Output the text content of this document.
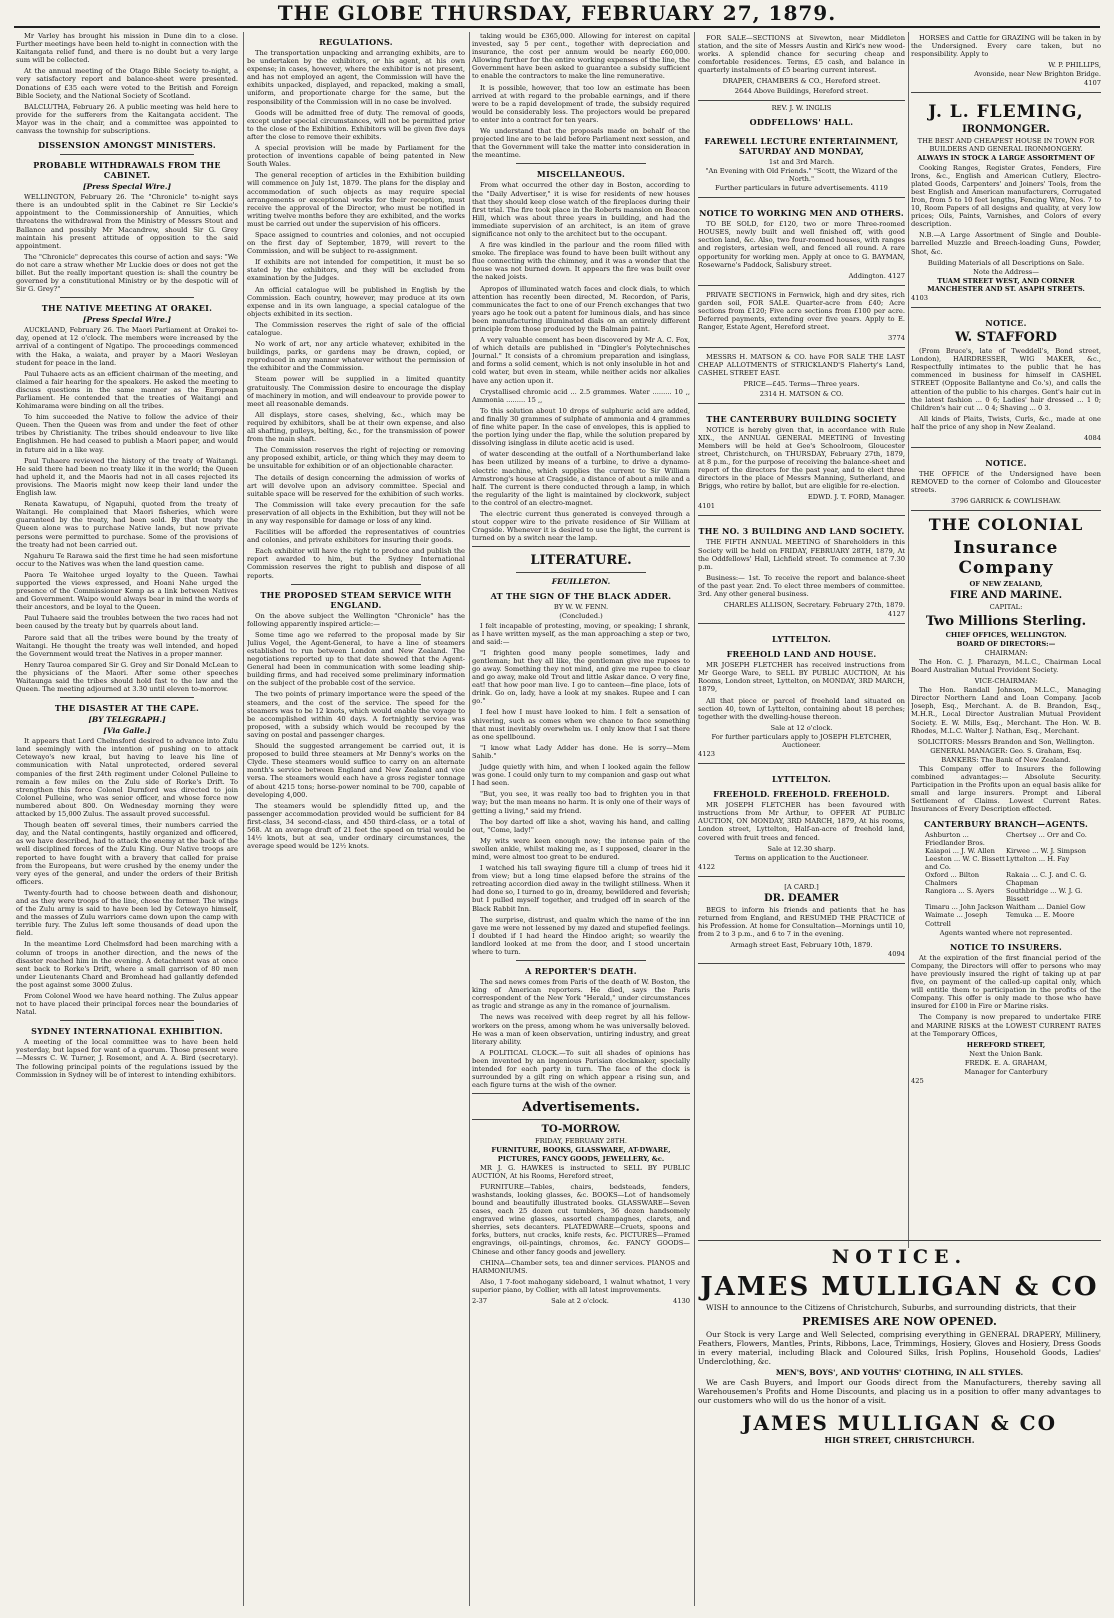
THE GLOBE THURSDAY, FEBRUARY 27, 1879.

Mr Varley has brought his mission in Dune din to a close. Further meetings have been held to-night in connection with the Kaitangata relief fund, and there is no doubt but a very large sum will be collected.

At the annual meeting of the Otago Bible Society to-night, a very satisfactory report and balance-sheet were presented. Donations of £35 each were voted to the British and Foreign Bible Society, and the National Society of Scotland.

BALCLUTHA, February 26. A public meeting was held here to provide for the sufferers from the Kaitangata accident. The Mayor was in the chair, and a committee was appointed to canvass the township for subscriptions.

DISSENSION AMONGST MINISTERS.
PROBABLE WITHDRAWALS FROM THE CABINET.
[Press Special Wire.]

WELLINGTON, February 26. The "Chronicle" to-night says there is an undoubted split in the Cabinet re Sir Leckie's appointment to the Commissionership of Annuities, which threatens the withdrawal from the Ministry of Messrs Stout and Ballance and possibly Mr Macandrew, should Sir G. Grey maintain his present attitude of opposition to the said appointment.

The "Chronicle" deprecates this course of action and says: "We do not care a straw whether Mr Luckie does or does not get the billet. But the really important question is: shall the country be governed by a constitutional Ministry or by the despotic will of Sir G. Grey?"

THE NATIVE MEETING AT ORAKEI.
[Press Special Wire.]

AUCKLAND, February 26. The Maori Parliament at Orakei to-day, opened at 12 o'clock. The members were increased by the arrival of a contingent of Ngatipo. The proceedings commenced with the Haka, a waiata, and prayer by a Maori Wesleyan student for peace in the land.

Paul Tuhaere acts as an efficient chairman of the meeting, and claimed a fair hearing for the speakers. He asked the meeting to discuss questions in the same manner as the European Parliament. He contended that the treaties of Waitangi and Kohimarama were binding on all the tribes.

To him succeeded the Native to follow the advice of their Queen. Then the Queen was from and under the feet of other tribes by Christianity. The tribes should endeavour to live like Englishmen. He had ceased to publish a Maori paper, and would in future aid in a like way.

Paul Tuhaere reviewed the history of the treaty of Waitangi. He said there had been no treaty like it in the world; the Queen had upheld it, and the Maoris had not in all cases rejected its provisions. The Maoris might now keep their land under the English law.

Renata Kawatupu, of Ngapuhi, quoted from the treaty of Waitangi. He complained that Maori fisheries, which were guaranteed by the treaty, had been sold. By that treaty the Queen alone was to purchase Native lands, but now private persons were permitted to purchase. Some of the provisions of the treaty had not been carried out.

Ngahuru Te Rarawa said the first time he had seen misfortune occur to the Natives was when the land question came.

Paora Te Waitohee urged loyalty to the Queen. Tawhai supported the views expressed, and Hoani Nahe urged the presence of the Commissioner Kemp as a link between Natives and Government. Waipo would always bear in mind the words of their ancestors, and be loyal to the Queen.

Paul Tuhaere said the troubles between the two races had not been caused by the treaty but by quarrels about land.

Parore said that all the tribes were bound by the treaty of Waitangi. He thought the treaty was well intended, and hoped the Government would treat the Natives in a proper manner.

Henry Tauroa compared Sir G. Grey and Sir Donald McLean to the physicians of the Maori. After some other speeches Waitaunga said the tribes should hold fast to the law and the Queen. The meeting adjourned at 3.30 until eleven to-morrow.

THE DISASTER AT THE CAPE.
[BY TELEGRAPH.]
[Via Galle.]

It appears that Lord Chelmsford desired to advance into Zulu land seemingly with the intention of pushing on to attack Cetewayo's new kraal, but having to leave his line of communication with Natal unprotected, ordered several companies of the first 24th regiment under Colonel Pulleine to remain a few miles on the Zulu side of Rorke's Drift. To strengthen this force Colonel Durnford was directed to join Colonel Pulleine, who was senior officer, and whose force now numbered about 800. On Wednesday morning they were attacked by 15,000 Zulus. The assault proved successful.

Though beaten off several times, their numbers carried the day, and the Natal contingents, hastily organized and officered, as we have described, had to attack the enemy at the back of the well disciplined forces of the Zulu King. Our Native troops are reported to have fought with a bravery that called for praise from the Europeans, but were crushed by the enemy under the very eyes of the general, and under the orders of their British officers.

Twenty-fourth had to choose between death and dishonour, and as they were troops of the line, chose the former. The wings of the Zulu army is said to have been led by Cetewayo himself, and the masses of Zulu warriors came down upon the camp with terrible fury. The Zulus left some thousands of dead upon the field.

In the meantime Lord Chelmsford had been marching with a column of troops in another direction, and the news of the disaster reached him in the evening. A detachment was at once sent back to Rorke's Drift, where a small garrison of 80 men under Lieutenants Chard and Bromhead had gallantly defended the post against some 3000 Zulus.

From Colonel Wood we have heard nothing. The Zulus appear not to have placed their principal forces near the boundaries of Natal.

SYDNEY INTERNATIONAL EXHIBITION.

A meeting of the local committee was to have been held yesterday, but lapsed for want of a quorum. Those present were—Messrs C. W. Turner, J. Rosemont, and A. A. Bird (secretary). The following principal points of the regulations issued by the Commission in Sydney will be of interest to intending exhibitors.

REGULATIONS.

The transportation unpacking and arranging exhibits, are to be undertaken by the exhibitors, or his agent, at his own expense; in cases, however, where the exhibitor is not present, and has not employed an agent, the Commission will have the exhibits unpacked, displayed, and repacked, making a small, uniform, and proportionate charge for the same, but the responsibility of the Commission will in no case be involved.

Goods will be admitted free of duty. The removal of goods, except under special circumstances, will not be permitted prior to the close of the Exhibition. Exhibitors will be given five days after the close to remove their exhibits.

A special provision will be made by Parliament for the protection of inventions capable of being patented in New South Wales.

The general reception of articles in the Exhibition building will commence on July 1st, 1879. The plans for the display and accommodation of such objects as may require special arrangements or exceptional works for their reception, must receive the approval of the Director, who must be notified in writing twelve months before they are exhibited, and the works must be carried out under the supervision of his officers.

Space assigned to countries and colonies, and not occupied on the first day of September, 1879, will revert to the Commission, and will be subject to re-assignment.

If exhibits are not intended for competition, it must be so stated by the exhibitors, and they will be excluded from examination by the Judges.

An official catalogue will be published in English by the Commission. Each country, however, may produce at its own expense and in its own language, a special catalogue of the objects exhibited in its section.

The Commission reserves the right of sale of the official catalogue.

No work of art, nor any article whatever, exhibited in the buildings, parks, or gardens may be drawn, copied, or reproduced in any manner whatever without the permission of the exhibitor and the Commission.

Steam power will be supplied in a limited quantity gratuitously. The Commission desire to encourage the display of machinery in motion, and will endeavour to provide power to meet all reasonable demands.

All displays, store cases, shelving, &c., which may be required by exhibitors, shall be at their own expense, and also all shafting, pulleys, belting, &c., for the transmission of power from the main shaft.

The Commission reserves the right of rejecting or removing any proposed exhibit, article, or thing which they may deem to be unsuitable for exhibition or of an objectionable character.

The details of design concerning the admission of works of art will devolve upon an advisory committee. Special and suitable space will be reserved for the exhibition of such works.

The Commission will take every precaution for the safe preservation of all objects in the Exhibition, but they will not be in any way responsible for damage or loss of any kind.

Facilities will be afforded the representatives of countries and colonies, and private exhibitors for insuring their goods.

Each exhibitor will have the right to produce and publish the report awarded to him, but the Sydney International Commission reserves the right to publish and dispose of all reports.

THE PROPOSED STEAM SERVICE WITH ENGLAND.

On the above subject the Wellington "Chronicle" has the following apparently inspired article:—

Some time ago we referred to the proposal made by Sir Julius Vogel, the Agent-General, to have a line of steamers established to run between London and New Zealand. The negotiations reported up to that date showed that the Agent-General had been in communication with some leading ship-building firms, and had received some preliminary information on the subject of the probable cost of the service.

The two points of primary importance were the speed of the steamers, and the cost of the service. The speed for the steamers was to be 12 knots, which would enable the voyage to be accomplished within 40 days. A fortnightly service was proposed, with a subsidy which would be recouped by the saving on postal and passenger charges.

Should the suggested arrangement be carried out, it is proposed to build three steamers at Mr Denny's works on the Clyde. These steamers would suffice to carry on an alternate month's service between England and New Zealand and vice versa. The steamers would each have a gross register tonnage of about 4215 tons; horse-power nominal to be 700, capable of developing 4,000.

The steamers would be splendidly fitted up, and the passenger accommodation provided would be sufficient for 84 first-class, 34 second-class, and 450 third-class, or a total of 568. At an average draft of 21 feet the speed on trial would be 14½ knots, but at sea, under ordinary circumstances, the average speed would be 12½ knots.

taking would be £365,000. Allowing for interest on capital invested, say 5 per cent., together with depreciation and insurance, the cost per annum would be nearly £60,000. Allowing further for the entire working expenses of the line, the Government have been asked to guarantee a subsidy sufficient to enable the contractors to make the line remunerative.

It is possible, however, that too low an estimate has been arrived at with regard to the probable earnings, and if there were to be a rapid development of trade, the subsidy required would be considerably less. The projectors would be prepared to enter into a contract for ten years.

We understand that the proposals made on behalf of the projected line are to be laid before Parliament next session, and that the Government will take the matter into consideration in the meantime.

MISCELLANEOUS.

From what occurred the other day in Boston, according to the "Daily Advertiser," it is wise for residents of new houses that they should keep close watch of the fireplaces during their first trial. The fire took place in the Roberts mansion on Beacon Hill, which was about three years in building, and had the immediate supervision of an architect, is an item of grave significance not only to the architect but to the occupant.

A fire was kindled in the parlour and the room filled with smoke. The fireplace was found to have been built without any flue connecting with the chimney, and it was a wonder that the house was not burned down. It appears the fire was built over the naked joists.

Apropos of illuminated watch faces and clock dials, to which attention has recently been directed, M. Recordon, of Paris, communicates the fact to one of our French exchanges that two years ago he took out a patent for luminous dials, and has since been manufacturing illuminated dials on an entirely different principle from those produced by the Balmain paint.

A very valuable cement has been discovered by Mr A. C. Fox, of which details are published in "Dingler's Polytechnisches Journal." It consists of a chromium preparation and isinglass, and forms a solid cement, which is not only insoluble in hot and cold water, but even in steam, while neither acids nor alkalies have any action upon it.

Crystallised chromic acid ... 2.5 grammes. Water ......... 10 ,, Ammonia ......... 15 ,,

To this solution about 10 drops of sulphuric acid are added, and finally 30 grammes of sulphate of ammonia and 4 grammes of fine white paper. In the case of envelopes, this is applied to the portion lying under the flap, while the solution prepared by dissolving isinglass in dilute acetic acid is used.

of water descending at the outfall of a Northumberland lake has been utilized by means of a turbine, to drive a dynamo-electric machine, which supplies the current to Sir William Armstrong's house at Cragside, a distance of about a mile and a half. The current is there conducted through a lamp, in which the regularity of the light is maintained by clockwork, subject to the control of an electro-magnet.

The electric current thus generated is conveyed through a stout copper wire to the private residence of Sir William at Cragside. Whenever it is desired to use the light, the current is turned on by a switch near the lamp.

LITERATURE.
FEUILLETON.
AT THE SIGN OF THE BLACK ADDER.
BY W. W. FENN.
(Concluded.)

I felt incapable of protesting, moving, or speaking; I shrank, as I have written myself, as the man approaching a step or two, and said:—

"I frighten good many people sometimes, lady and gentleman; but they all like, the gentleman give me rupees to go away. Something they not mind, and give me rupee to clear and go away, make old Trout and little Askar dance. O very fine, eat! that how poor man live. I go to canteen—fine place, lots of drink. Go on, lady, have a look at my snakes. Rupee and I can go."

I feel how I must have looked to him. I felt a sensation of shivering, such as comes when we chance to face something that must inevitably overwhelm us. I only know that I sat there as one spellbound.

"I know what Lady Adder has done. He is sorry—Mem Sahib."

Judge quietly with him, and when I looked again the fellow was gone. I could only turn to my companion and gasp out what I had seen.

"But, you see, it was really too bad to frighten you in that way; but the man means no harm. It is only one of their ways of getting a living," said my friend.

The boy darted off like a shot, waving his hand, and calling out, "Come, lady!"

My wits were keen enough now; the intense pain of the swollen ankle, whilst making me, as I supposed, clearer in the mind, were almost too great to be endured.

I watched his tall swaying figure till a clump of trees hid it from view; but a long time elapsed before the strains of the retreating accordion died away in the twilight stillness. When it had done so, I turned to go in, dreamy, bewildered and feverish; but I pulled myself together, and trudged off in search of the Black Rabbit Inn.

The surprise, distrust, and qualm which the name of the inn gave me were not lessened by my dazed and stupefied feelings. I doubted if I had heard the Hindoo aright; so wearily the landlord looked at me from the door, and I stood uncertain where to turn.

A REPORTER'S DEATH.

The sad news comes from Paris of the death of W. Boston, the king of American reporters. He died, says the Paris correspondent of the New York "Herald," under circumstances as tragic and strange as any in the romance of journalism.

The news was received with deep regret by all his fellow-workers on the press, among whom he was universally beloved. He was a man of keen observation, untiring industry, and great literary ability.

A POLITICAL CLOCK.—To suit all shades of opinions has been invented by an ingenious Parisian clockmaker, specially intended for each party in turn. The face of the clock is surrounded by a gilt ring on which appear a rising sun, and each figure turns at the wish of the owner.

Advertisements.
TO-MORROW.
FRIDAY, FEBRUARY 28TH.
FURNITURE, BOOKS, GLASSWARE, AT-DWARE, PICTURES, FANCY GOODS, JEWELLERY, &c.

MR J. G. HAWKES is instructed to SELL BY PUBLIC AUCTION, At his Rooms, Hereford street,

FURNITURE—Tables, chairs, bedsteads, fenders, washstands, looking glasses, &c. BOOKS—Lot of handsomely bound and beautifully illustrated books. GLASSWARE—Seven cases, each 25 dozen cut tumblers, 36 dozen handsomely engraved wine glasses, assorted champagnes, clarets, and sherries, sets decanters. PLATEDWARE—Cruets, spoons and forks, butters, nut cracks, knife rests, &c. PICTURES—Framed engravings, oil-paintings, chromos, &c. FANCY GOODS—Chinese and other fancy goods and jewellery.

CHINA—Chamber sets, tea and dinner services. PIANOS and HARMONIUMS.

Also, 1 7-foot mahogany sideboard, 1 walnut whatnot, 1 very superior piano, by Collier, with all latest improvements.

2-37	Sale at 2 o'clock.	4130

FOR SALE—SECTIONS at Sivewton, near Middleton station, and the site of Messrs Austin and Kirk's new wood-works. A splendid chance for securing cheap and comfortable residences. Terms, £5 cash, and balance in quarterly instalments of £5 bearing current interest.

DRAPER, CHAMBERS & CO., Hereford street.
2644 Above Buildings, Hereford street.
REV. J. W. INGLIS
ODDFELLOWS' HALL.
FAREWELL LECTURE ENTERTAINMENT, SATURDAY AND MONDAY,
1st and 3rd March.
"An Evening with Old Friends." "Scott, the Wizard of the North."
Further particulars in future advertisements. 4119
NOTICE TO WORKING MEN AND OTHERS.

TO BE SOLD, for £120, two or more Three-roomed HOUSES, newly built and well finished off, with good section land, &c. Also, two four-roomed houses, with ranges and registers, artesian well, and fenced all round. A rare opportunity for working men. Apply at once to G. BAYMAN, Rosewarne's Paddock, Salisbury street.

Addington. 4127

PRIVATE SECTIONS in Fernwick, high and dry sites, rich garden soil, FOR SALE. Quarter-acre from £40; Acre sections from £120; Five acre sections from £100 per acre. Deferred payments, extending over five years. Apply to E. Ranger, Estate Agent, Hereford street.

3774

MESSRS H. MATSON & CO. have FOR SALE THE LAST CHEAP ALLOTMENTS of STRICKLAND'S Flaherty's Land, CASHEL STREET EAST.

PRICE—£45. Terms—Three years.
2314 H. MATSON & CO.
THE CANTERBURY BUILDING SOCIETY

NOTICE is hereby given that, in accordance with Rule XIX., the ANNUAL GENERAL MEETING of Investing Members will be held at Gee's Schoolroom, Gloucester street, Christchurch, on THURSDAY, February 27th, 1879, at 8 p.m., for the purpose of receiving the balance-sheet and report of the directors for the past year, and to elect three directors in the place of Messrs Manning, Sutherland, and Briggs, who retire by ballot, but are eligible for re-election.

EDWD. J. T. FORD, Manager.
4101
THE NO. 3 BUILDING AND LAND SOCIETY.

THE FIFTH ANNUAL MEETING of Shareholders in this Society will be held on FRIDAY, FEBRUARY 28TH, 1879, At the Oddfellows' Hall, Lichfield street. To commence at 7.30 p.m.

Business:— 1st. To receive the report and balance-sheet of the past year. 2nd. To elect three members of committee. 3rd. Any other general business.

CHARLES ALLISON, Secretary. February 27th, 1879.
4127
LYTTELTON.
FREEHOLD LAND AND HOUSE.

MR JOSEPH FLETCHER has received instructions from Mr George Ware, to SELL BY PUBLIC AUCTION, At his Rooms, London street, Lyttelton, on MONDAY, 3RD MARCH, 1879,

All that piece or parcel of freehold land situated on section 40, town of Lyttelton, containing about 18 perches; together with the dwelling-house thereon.

Sale at 12 o'clock.
For further particulars apply to JOSEPH FLETCHER, Auctioneer.
4123
LYTTELTON.
FREEHOLD. FREEHOLD. FREEHOLD.

MR JOSEPH FLETCHER has been favoured with instructions from Mr Arthur, to OFFER AT PUBLIC AUCTION, ON MONDAY, 3RD MARCH, 1879, At his rooms, London street, Lyttelton, Half-an-acre of freehold land, covered with fruit trees and fenced.

Sale at 12.30 sharp.
Terms on application to the Auctioneer.
4122
[A CARD.]
DR. DEAMER

BEGS to inform his friends and patients that he has returned from England, and RESUMED THE PRACTICE of his Profession. At home for Consultation—Mornings until 10, from 2 to 3 p.m., and 6 to 7 in the evening.

Armagh street East, February 10th, 1879.
4094

HORSES and Cattle for GRAZING will be taken in by the Undersigned. Every care taken, but no responsibility. Apply to

W. P. PHILLIPS,
Avonside, near New Brighton Bridge.
4107
J. L. FLEMING,
IRONMONGER.
THE BEST AND CHEAPEST HOUSE IN TOWN FOR BUILDERS AND GENERAL IRONMONGERY.
ALWAYS IN STOCK A LARGE ASSORTMENT OF

Cooking Ranges, Register Grates, Fenders, Fire Irons, &c., English and American Cutlery, Electro-plated Goods, Carpenters' and Joiners' Tools, from the best English and American manufacturers, Corrugated Iron, from 5 to 10 feet lengths, Fencing Wire, Nos. 7 to 10, Room Papers of all designs and quality, at very low prices; Oils, Paints, Varnishes, and Colors of every description.

N.B.—A Large Assortment of Single and Double-barrelled Muzzle and Breech-loading Guns, Powder, Shot, &c.

Building Materials of all Descriptions on Sale.
Note the Address—
TUAM STREET WEST, AND CORNER MANCHESTER AND ST. ASAPH STREETS.
4103
NOTICE.
W. STAFFORD

(From Bruce's, late of Tweddell's, Bond street, London), HAIRDRESSER, WIG MAKER, &c., Respectfully intimates to the public that he has commenced in business for himself in CASHEL STREET (Opposite Ballantyne and Co.'s), and calls the attention of the public to his charges. Gent's hair cut in the latest fashion ... 0 6; Ladies' hair dressed ... 1 0; Children's hair cut ... 0 4; Shaving ... 0 3.

All kinds of Plaits, Twists, Curls, &c., made at one half the price of any shop in New Zealand.

4084
NOTICE.

THE OFFICE of the Undersigned have been REMOVED to the corner of Colombo and Gloucester streets.

3796 GARRICK & COWLISHAW.
THE COLONIAL
Insurance Company
OF NEW ZEALAND,
FIRE AND MARINE.
CAPITAL:
Two Millions Sterling.
CHIEF OFFICES, WELLINGTON.
BOARD OF DIRECTORS:—
CHAIRMAN:

The Hon. C. J. Pharazyn, M.L.C., Chairman Local Board Australian Mutual Provident Society.

VICE-CHAIRMAN:

The Hon. Randall Johnson, M.L.C., Managing Director Northern Land and Loan Company. Jacob Joseph, Esq., Merchant. A. de B. Brandon, Esq., M.H.R., Local Director Australian Mutual Provident Society. E. W. Mills, Esq., Merchant. The Hon. W. B. Rhodes, M.L.C. Walter J. Nathan, Esq., Merchant.

SOLICITORS: Messrs Brandon and Son, Wellington.
GENERAL MANAGER: Geo. S. Graham, Esq.
BANKERS: The Bank of New Zealand.

This Company offer to Insurers the following combined advantages:— Absolute Security. Participation in the Profits upon an equal basis alike for small and large insurers. Prompt and Liberal Settlement of Claims. Lowest Current Rates. Insurances of Every Description effected.

CANTERBURY BRANCH—AGENTS.
Ashburton ... Friedlander Bros.
Chertsey ... Orr and Co.
Kaiapoi ... J. W. Allen	Kirwee ... W. J. Simpson
Leeston ... W. C. Bissett and Co.
Lyttelton ... H. Fay
Oxford ... Bilton Chalmers
Rakaia ... C. J. and C. G. Chapman
Rangiora ... S. Ayers	Southbridge ... W. J. G. Bissett
Timaru ... John Jackson Waitham ... Daniel Gow
Waimate ... Joseph Cottrell
Temuka ... E. Moore
Agents wanted where not represented.
NOTICE TO INSURERS.

At the expiration of the first financial period of the Company, the Directors will offer to persons who may have previously insured the right of taking up at par five, on payment of the called-up capital only, which will entitle them to participation in the profits of the Company. This offer is only made to those who have insured for £100 in Fire or Marine risks.

The Company is now prepared to undertake FIRE and MARINE RISKS at the LOWEST CURRENT RATES at the Temporary Offices,

HEREFORD STREET,
Next the Union Bank.
FREDK. E. A. GRAHAM,
Manager for Canterbury
425
NOTICE.
JAMES MULLIGAN & CO

WISH to announce to the Citizens of Christchurch, Suburbs, and surrounding districts, that their

PREMISES ARE NOW OPENED.

Our Stock is very Large and Well Selected, comprising everything in GENERAL DRAPERY, Millinery, Feathers, Flowers, Mantles, Prints, Ribbons, Lace, Trimmings, Hosiery, Gloves and Hosiery, Dress Goods in every material, including Black and Coloured Silks, Irish Poplins, Household Goods, Ladies' Underclothing, &c.

MEN'S, BOYS', AND YOUTHS' CLOTHING, IN ALL STYLES.

We are Cash Buyers, and Import our Goods direct from the Manufacturers, thereby saving all Warehousemen's Profits and Home Discounts, and placing us in a position to offer many advantages to our customers who will do us the honor of a visit.

JAMES MULLIGAN & CO
HIGH STREET, CHRISTCHURCH.
